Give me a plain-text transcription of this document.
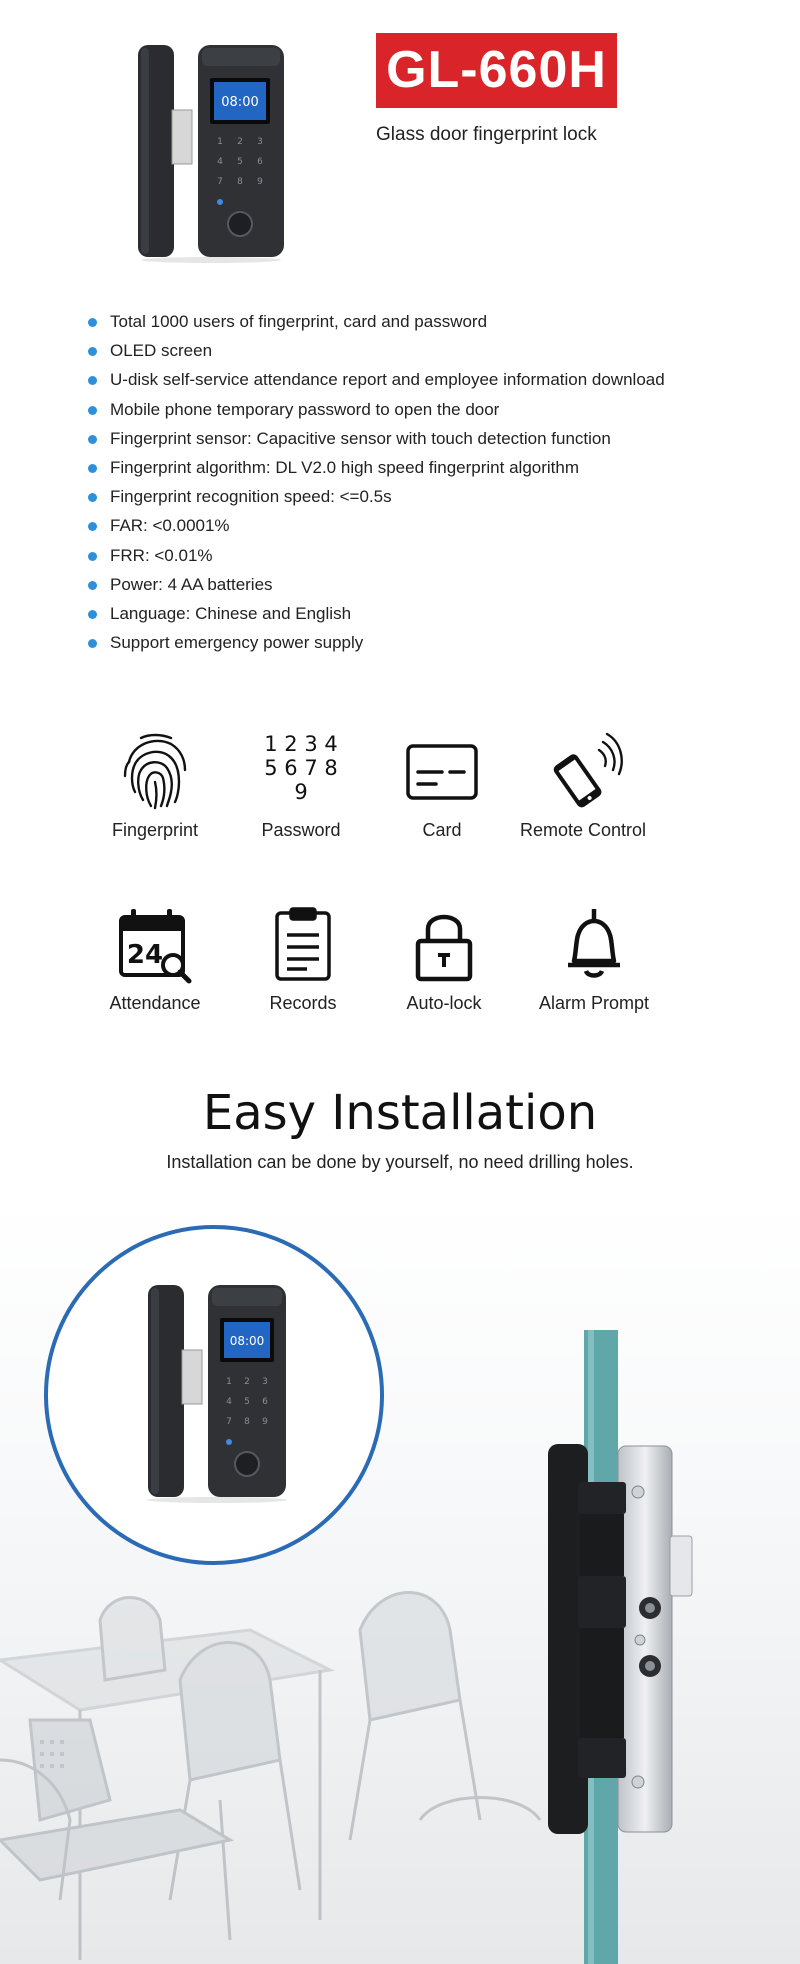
08:00
1 2 3
4 5 6
7 8 9
GL-660H
Glass door fingerprint lock
Total 1000 users of fingerprint, card and password
OLED screen
U-disk self-service attendance report and employee information download
Mobile phone temporary password to open the door
Fingerprint sensor: Capacitive sensor with touch detection function
Fingerprint algorithm: DL V2.0 high speed fingerprint algorithm
Fingerprint recognition speed: <=0.5s
FAR: <0.0001%
FRR: <0.01%
Power: 4 AA batteries
Language: Chinese and English
Support emergency power supply
Fingerprint
1 2 3 4 5 6 7 8 9
Password	Card	Remote Control
24
Attendance	Records	Auto-lock	Alarm Prompt
Easy Installation
Installation can be done by yourself, no need drilling holes.
08:00
1 2 3
4 5 6
7 8 9
